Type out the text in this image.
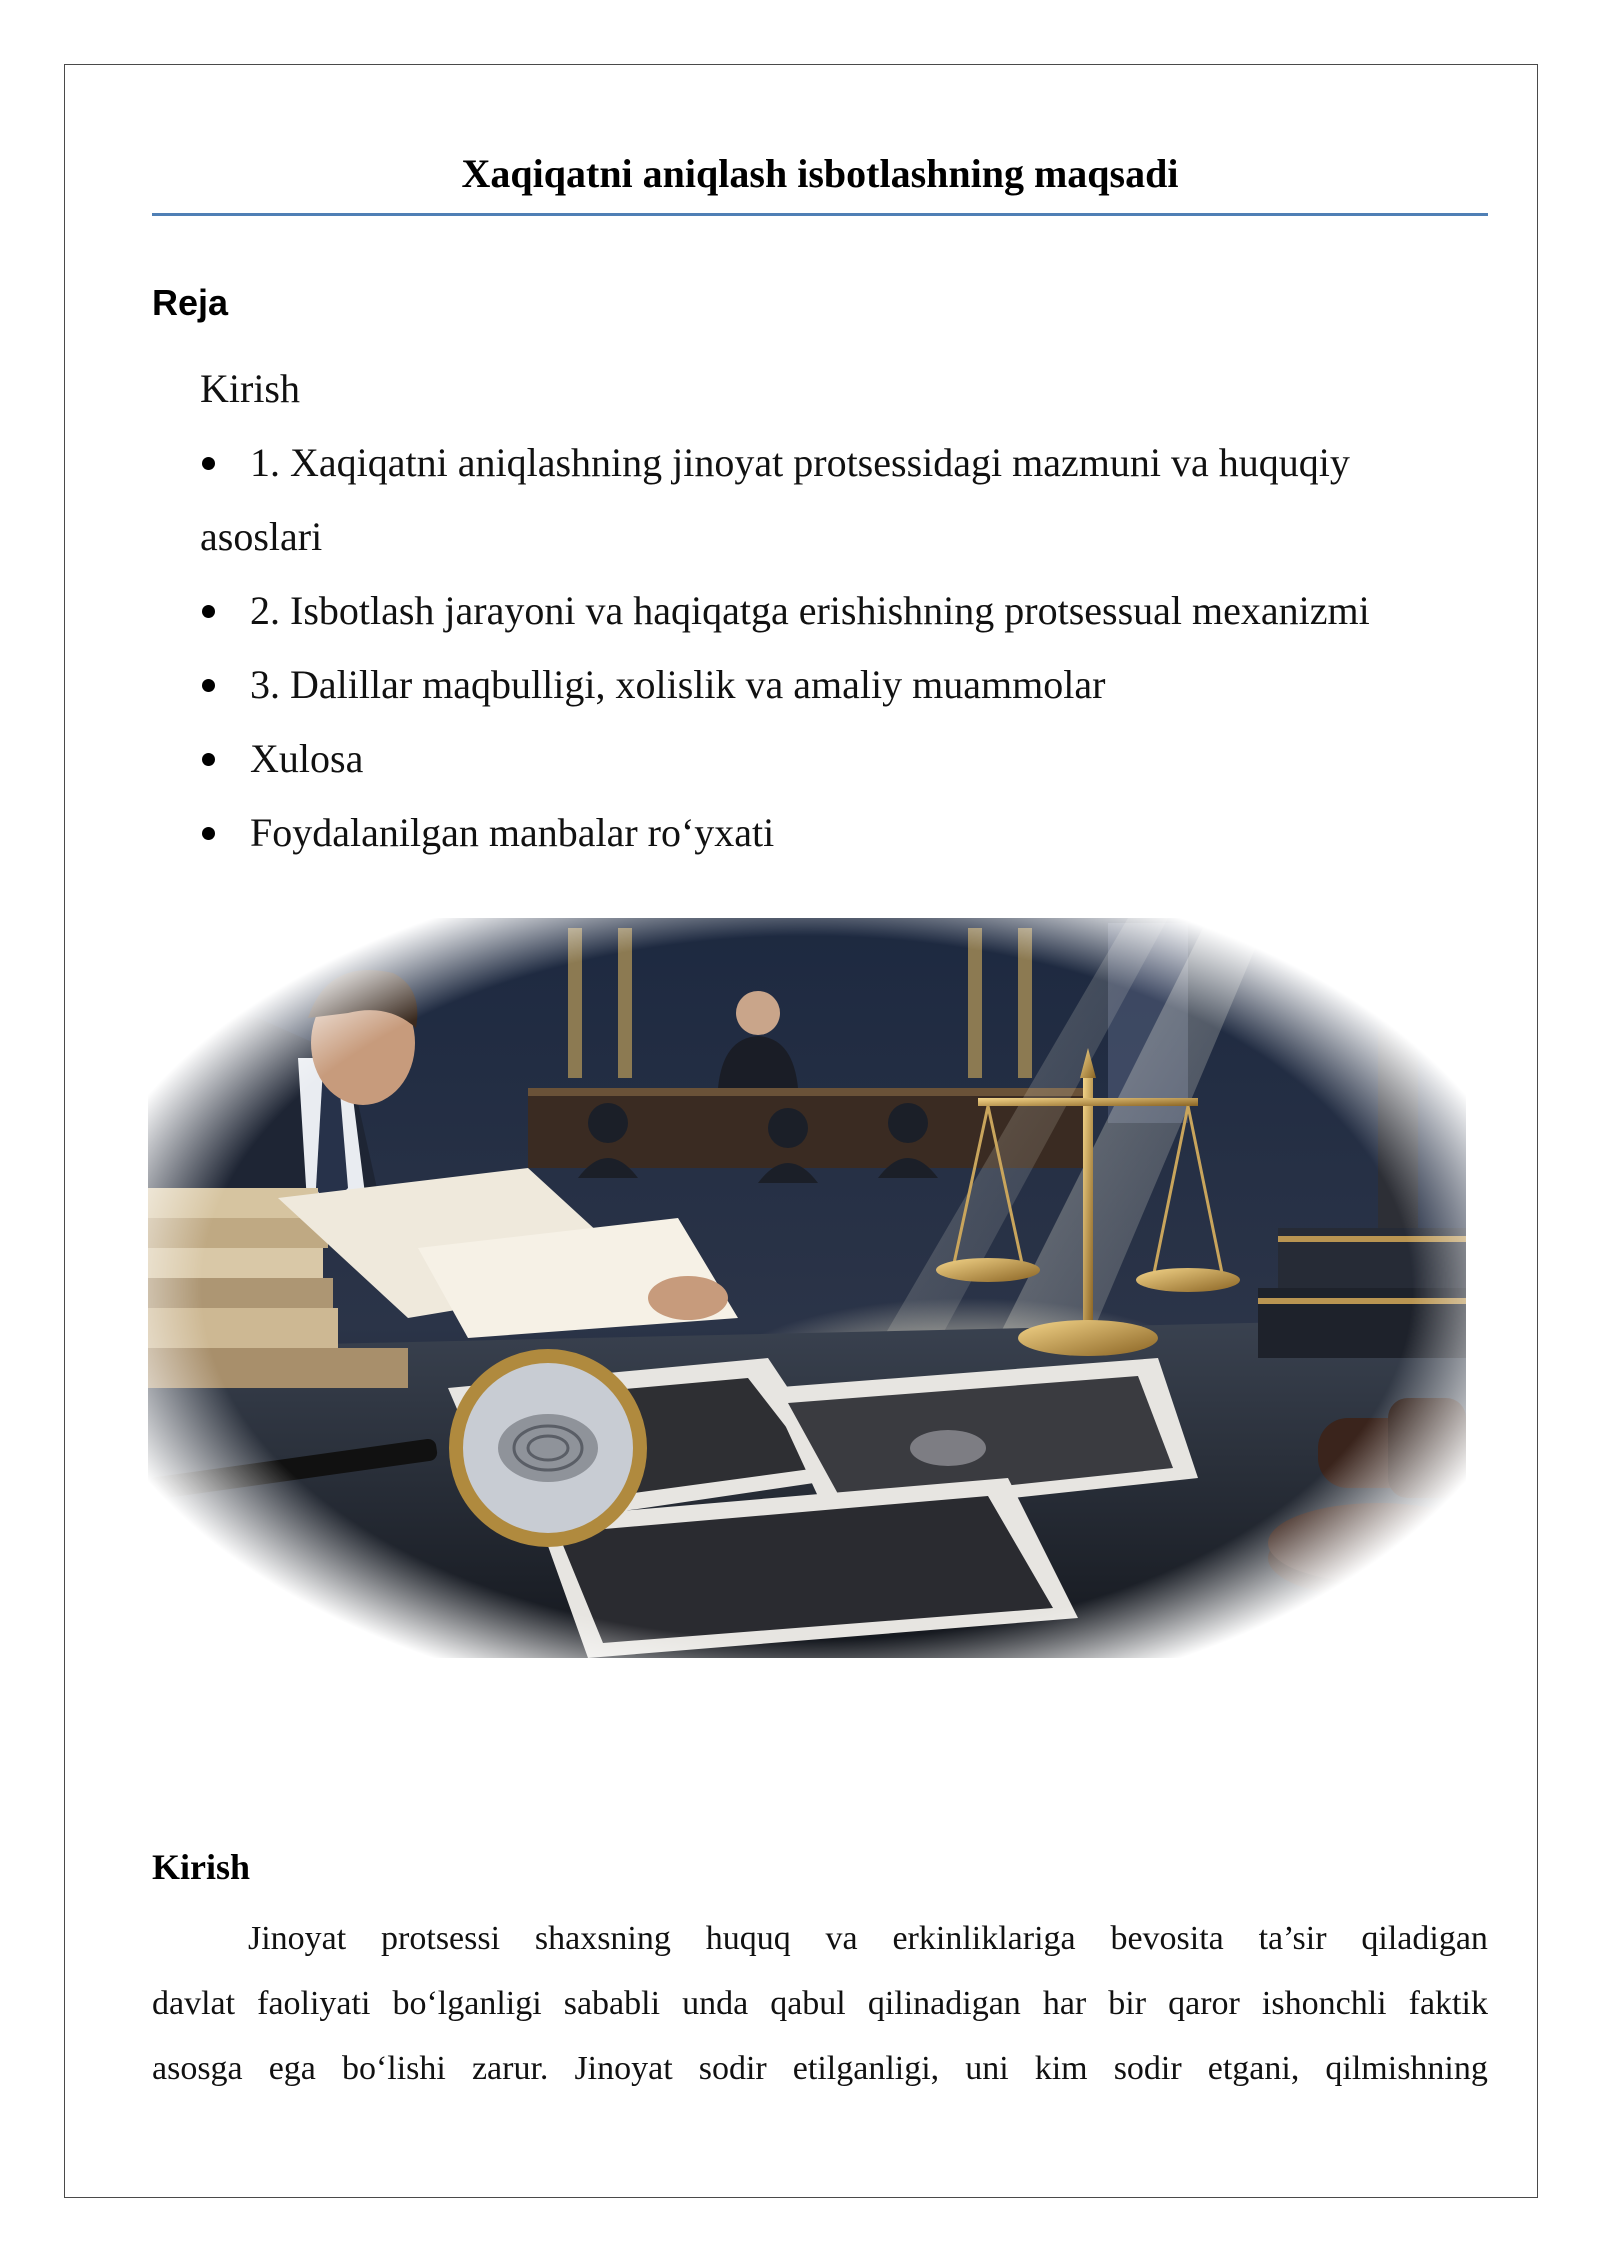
Xaqiqatni aniqlash isbotlashning maqsadi
Reja
Kirish
1. Xaqiqatni aniqlashning jinoyat protsessidagi mazmuni va huquqiy
asoslari
2. Isbotlash jarayoni va haqiqatga erishishning protsessual mexanizmi
3. Dalillar maqbulligi, xolislik va amaliy muammolar
Xulosa
Foydalanilgan manbalar roʻyxati
Kirish
Jinoyat protsessi shaxsning huquq va erkinliklariga bevosita ta’sir qiladigan
davlat faoliyati boʻlganligi sababli unda qabul qilinadigan har bir qaror ishonchli faktik
asosga ega boʻlishi zarur. Jinoyat sodir etilganligi, uni kim sodir etgani, qilmishning
